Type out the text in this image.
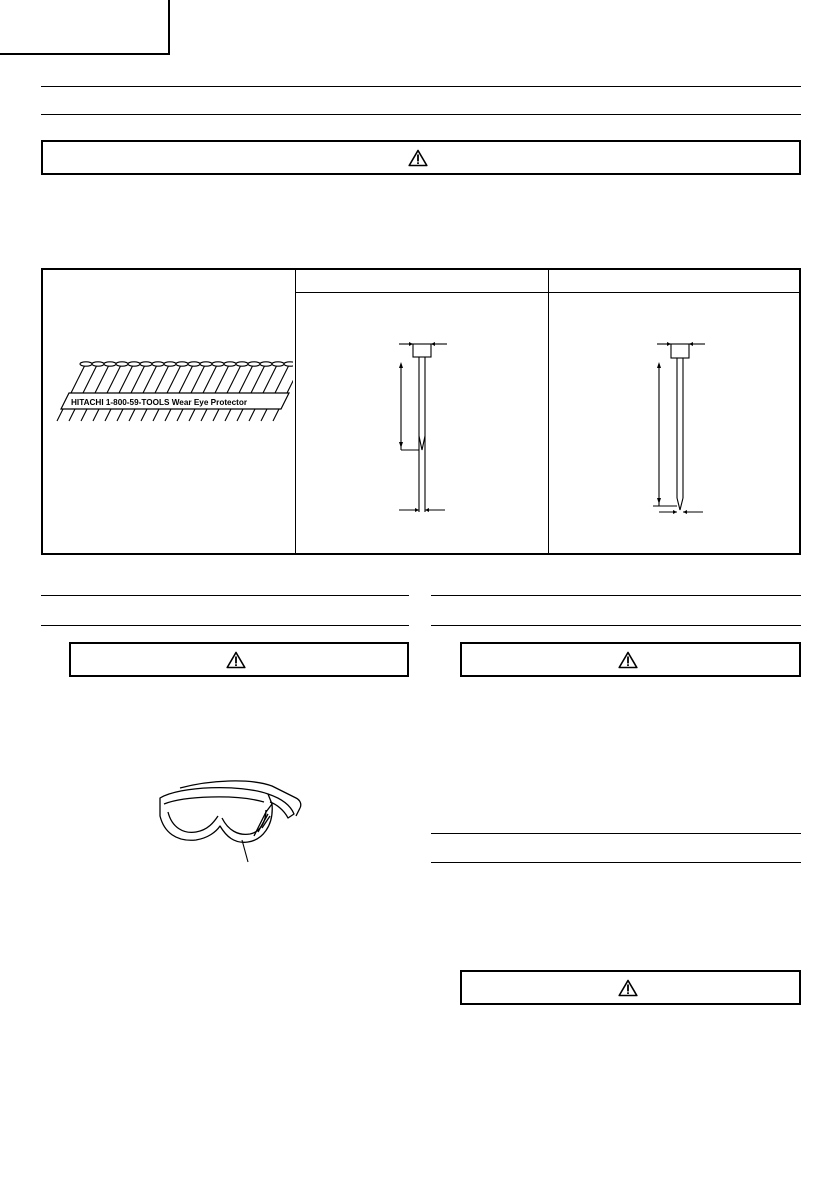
HITACHI 1-800-59-TOOLS Wear Eye Protector
